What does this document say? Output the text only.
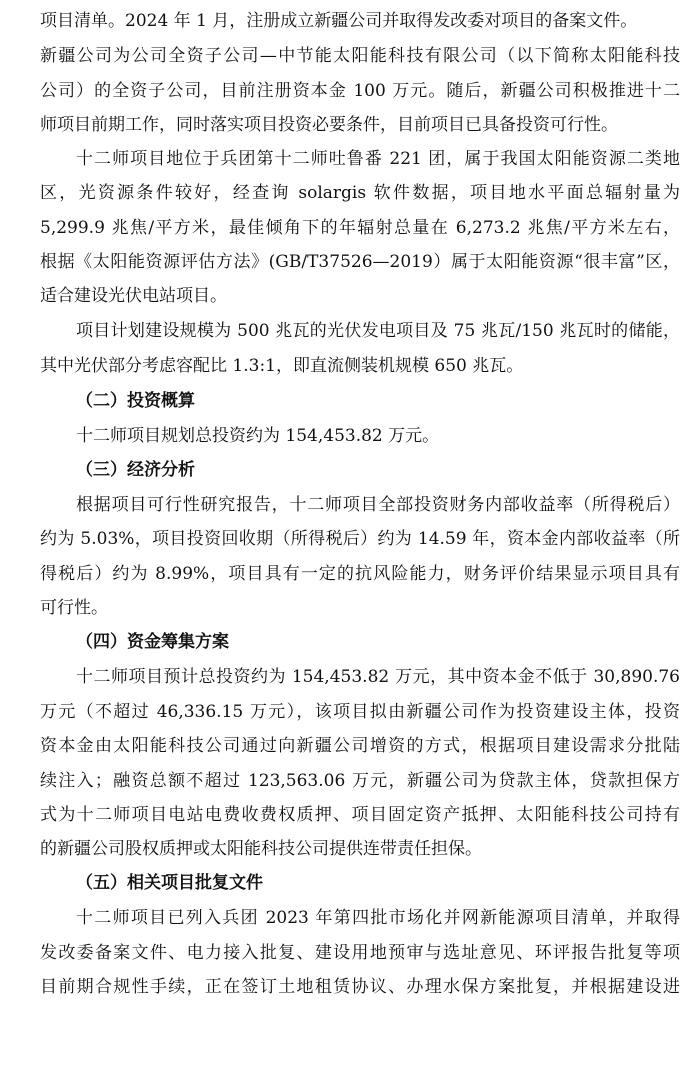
项目清单。2024 年 1 月，注册成立新疆公司并取得发改委对项目的备案文件。
新疆公司为公司全资子公司—中节能太阳能科技有限公司（以下简称太阳能科技
公司）的全资子公司，目前注册资本金 100 万元。随后，新疆公司积极推进十二
师项目前期工作，同时落实项目投资必要条件，目前项目已具备投资可行性。
十二师项目地位于兵团第十二师吐鲁番 221 团，属于我国太阳能资源二类地
区，光资源条件较好，经查询 solargis 软件数据，项目地水平面总辐射量为
5,299.9 兆焦/平方米，最佳倾角下的年辐射总量在 6,273.2 兆焦/平方米左右，
根据《太阳能资源评估方法》(GB/T37526—2019）属于太阳能资源“很丰富”区，
适合建设光伏电站项目。
项目计划建设规模为 500 兆瓦的光伏发电项目及 75 兆瓦/150 兆瓦时的储能，
其中光伏部分考虑容配比 1.3:1，即直流侧装机规模 650 兆瓦。
（二）投资概算
十二师项目规划总投资约为 154,453.82 万元。
（三）经济分析
根据项目可行性研究报告，十二师项目全部投资财务内部收益率（所得税后）
约为 5.03%，项目投资回收期（所得税后）约为 14.59 年，资本金内部收益率（所
得税后）约为 8.99%，项目具有一定的抗风险能力，财务评价结果显示项目具有
可行性。
（四）资金筹集方案
十二师项目预计总投资约为 154,453.82 万元，其中资本金不低于 30,890.76
万元（不超过 46,336.15 万元），该项目拟由新疆公司作为投资建设主体，投资
资本金由太阳能科技公司通过向新疆公司增资的方式，根据项目建设需求分批陆
续注入；融资总额不超过 123,563.06 万元，新疆公司为贷款主体，贷款担保方
式为十二师项目电站电费收费权质押、项目固定资产抵押、太阳能科技公司持有
的新疆公司股权质押或太阳能科技公司提供连带责任担保。
（五）相关项目批复文件
十二师项目已列入兵团 2023 年第四批市场化并网新能源项目清单，并取得
发改委备案文件、电力接入批复、建设用地预审与选址意见、环评报告批复等项
目前期合规性手续，正在签订土地租赁协议、办理水保方案批复，并根据建设进
